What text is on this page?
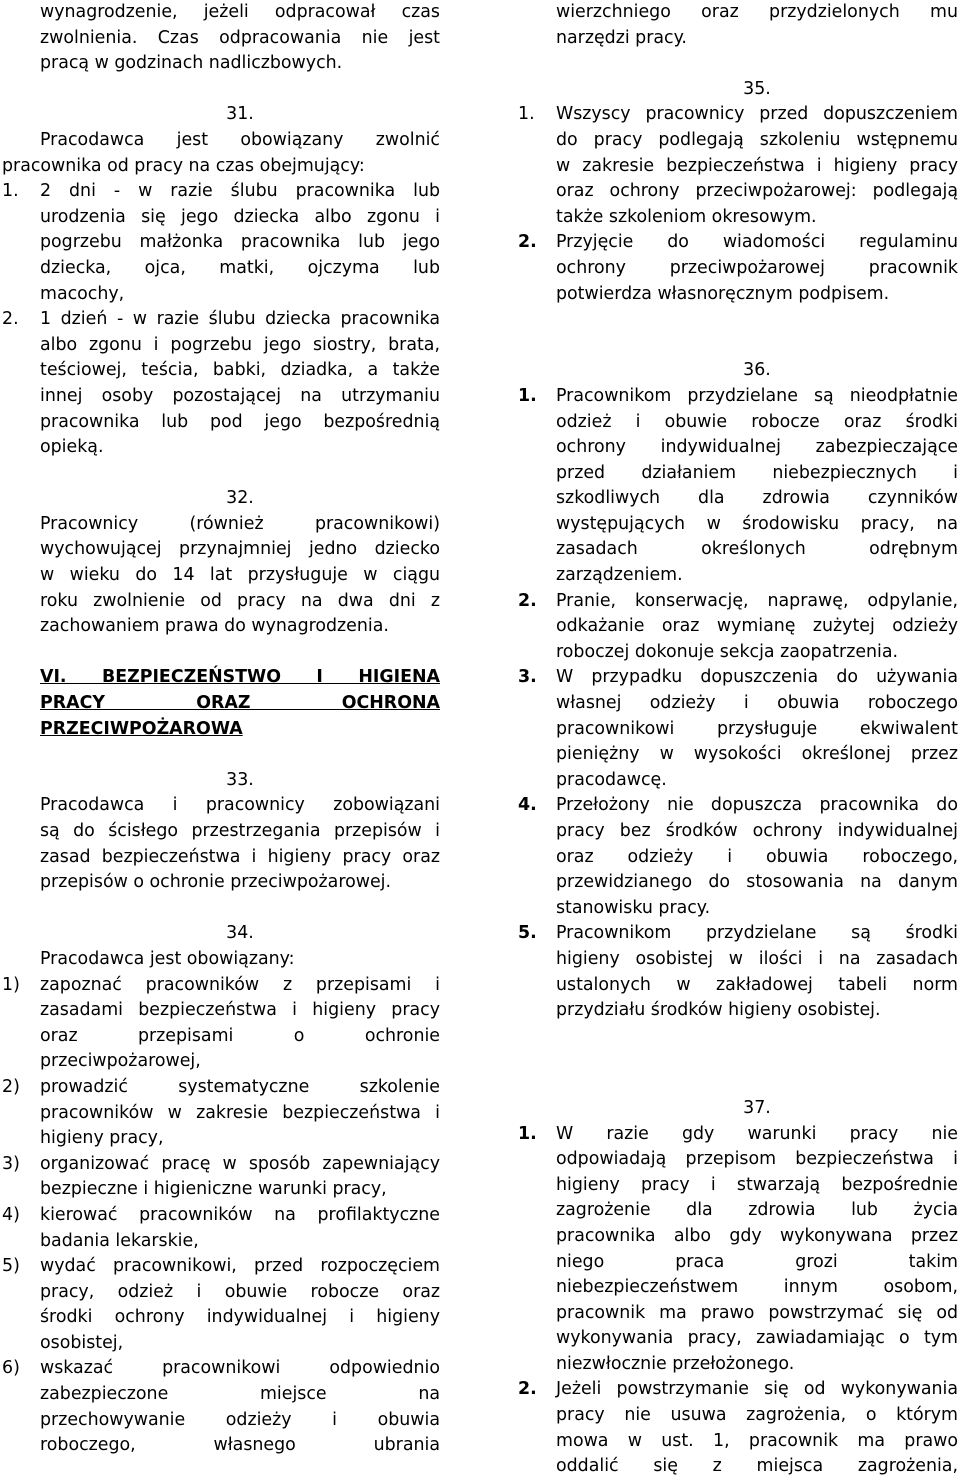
wynagrodzenie, jeżeli odpracował czas

zwolnienia. Czas odpracowania nie jest

pracą w godzinach nadliczbowych.

31.

Pracodawca jest obowiązany zwolnić

pracownika od pracy na czas obejmujący:

1.	2 dni - w razie ślubu pracownika lub

urodzenia się jego dziecka albo zgonu i

pogrzebu małżonka pracownika lub jego

dziecka, ojca, matki, ojczyma lub

macochy,

2.	1 dzień - w razie ślubu dziecka pracownika

albo zgonu i pogrzebu jego siostry, brata,

teściowej, teścia, babki, dziadka, a także

innej osoby pozostającej na utrzymaniu

pracownika lub pod jego bezpośrednią

opieką.

32.

Pracownicy (również pracownikowi)

wychowującej przynajmniej jedno dziecko

w wieku do 14 lat przysługuje w ciągu

roku zwolnienie od pracy na dwa dni z

zachowaniem prawa do wynagrodzenia.

VI. BEZPIECZEŃSTWO I HIGIENA

PRACY ORAZ OCHRONA

PRZECIWPOŻAROWA

33.

Pracodawca i pracownicy zobowiązani

są do ścisłego przestrzegania przepisów i

zasad bezpieczeństwa i higieny pracy oraz

przepisów o ochronie przeciwpożarowej.

34.

Pracodawca jest obowiązany:

1)	zapoznać pracowników z przepisami i

zasadami bezpieczeństwa i higieny pracy

oraz przepisami o ochronie

przeciwpożarowej,

2)	prowadzić systematyczne szkolenie

pracowników w zakresie bezpieczeństwa i

higieny pracy,

3)	organizować pracę w sposób zapewniający

bezpieczne i higieniczne warunki pracy,

4)	kierować pracowników na profilaktyczne

badania lekarskie,

5)	wydać pracownikowi, przed rozpoczęciem

pracy, odzież i obuwie robocze oraz

środki ochrony indywidualnej i higieny

osobistej,

6)	wskazać pracownikowi odpowiednio

zabezpieczone miejsce na

przechowywanie odzieży i obuwia

roboczego, własnego ubrania

wierzchniego oraz przydzielonych mu

narzędzi pracy.

35.

1.	Wszyscy pracownicy przed dopuszczeniem

do pracy podlegają szkoleniu wstępnemu

w zakresie bezpieczeństwa i higieny pracy

oraz ochrony przeciwpożarowej: podlegają

także szkoleniom okresowym.

2.	Przyjęcie do wiadomości regulaminu

ochrony przeciwpożarowej pracownik

potwierdza własnoręcznym podpisem.

36.

1.	Pracownikom przydzielane są nieodpłatnie

odzież i obuwie robocze oraz środki

ochrony indywidualnej zabezpieczające

przed działaniem niebezpiecznych i

szkodliwych dla zdrowia czynników

występujących w środowisku pracy, na

zasadach określonych odrębnym

zarządzeniem.

2.	Pranie, konserwację, naprawę, odpylanie,

odkażanie oraz wymianę zużytej odzieży

roboczej dokonuje sekcja zaopatrzenia.

3.	W przypadku dopuszczenia do używania

własnej odzieży i obuwia roboczego

pracownikowi przysługuje ekwiwalent

pieniężny w wysokości określonej przez

pracodawcę.

4.	Przełożony nie dopuszcza pracownika do

pracy bez środków ochrony indywidualnej

oraz odzieży i obuwia roboczego,

przewidzianego do stosowania na danym

stanowisku pracy.

5.	Pracownikom przydzielane są środki

higieny osobistej w ilości i na zasadach

ustalonych w zakładowej tabeli norm

przydziału środków higieny osobistej.

37.

1.	W razie gdy warunki pracy nie

odpowiadają przepisom bezpieczeństwa i

higieny pracy i stwarzają bezpośrednie

zagrożenie dla zdrowia lub życia

pracownika albo gdy wykonywana przez

niego praca grozi takim

niebezpieczeństwem innym osobom,

pracownik ma prawo powstrzymać się od

wykonywania pracy, zawiadamiając o tym

niezwłocznie przełożonego.

2.	Jeżeli powstrzymanie się od wykonywania

pracy nie usuwa zagrożenia, o którym

mowa w ust. 1, pracownik ma prawo

oddalić się z miejsca zagrożenia,
